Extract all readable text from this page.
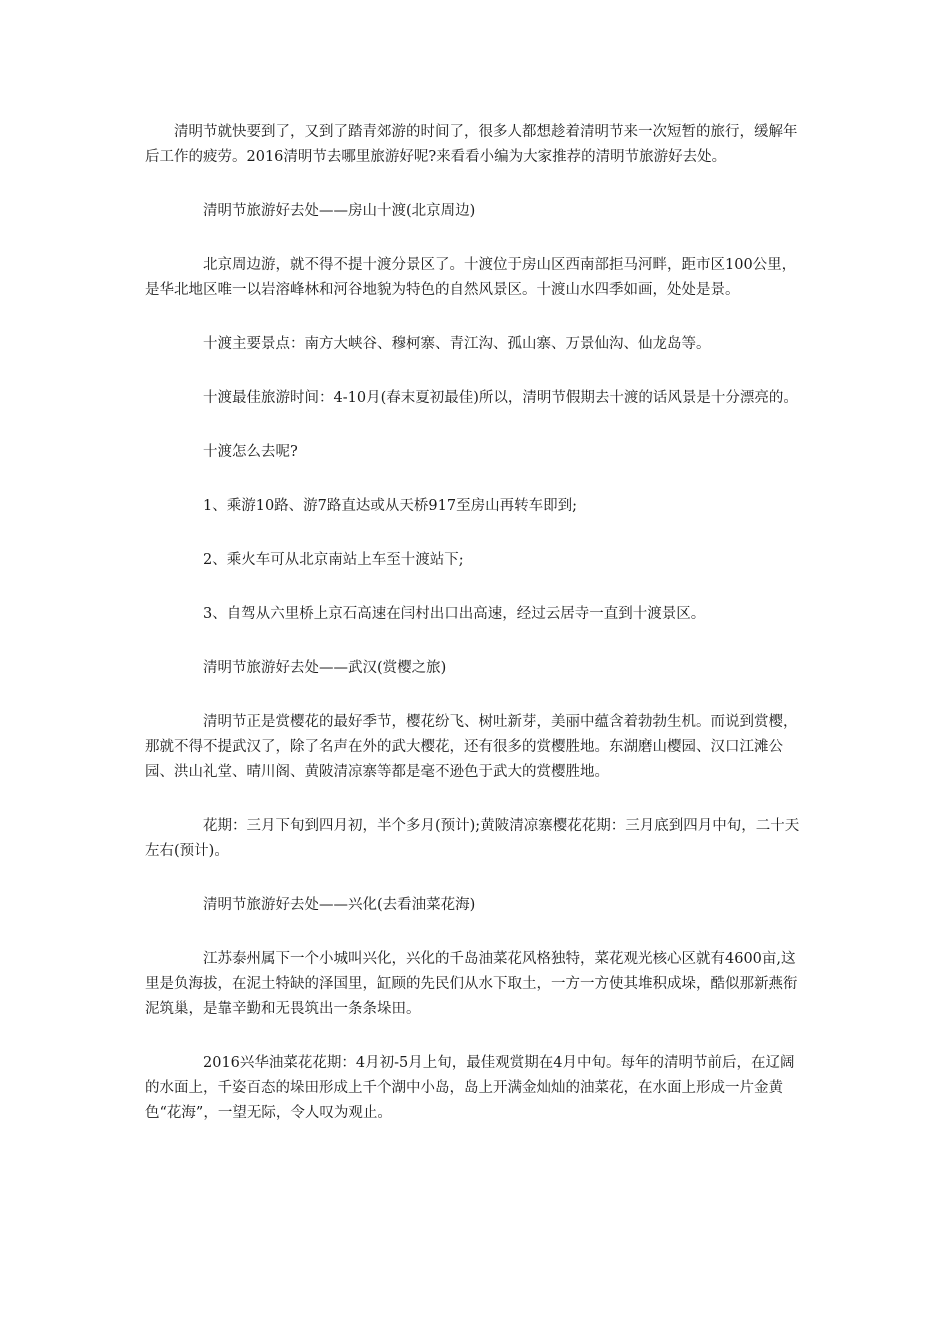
清明节就快要到了，又到了踏青郊游的时间了，很多人都想趁着清明节来一次短暂的旅行，缓解年后工作的疲劳。2016清明节去哪里旅游好呢?来看看小编为大家推荐的清明节旅游好去处。

清明节旅游好去处——房山十渡(北京周边)

北京周边游，就不得不提十渡分景区了。十渡位于房山区西南部拒马河畔，距市区100公里，是华北地区唯一以岩溶峰林和河谷地貌为特色的自然风景区。十渡山水四季如画，处处是景。

十渡主要景点：南方大峡谷、穆柯寨、青江沟、孤山寨、万景仙沟、仙龙岛等。

十渡最佳旅游时间：4-10月(春末夏初最佳)所以，清明节假期去十渡的话风景是十分漂亮的。

十渡怎么去呢?

1、乘游10路、游7路直达或从天桥917至房山再转车即到;

2、乘火车可从北京南站上车至十渡站下;

3、自驾从六里桥上京石高速在闫村出口出高速，经过云居寺一直到十渡景区。

清明节旅游好去处——武汉(赏樱之旅)

清明节正是赏樱花的最好季节，樱花纷飞、树吐新芽，美丽中蕴含着勃勃生机。而说到赏樱，那就不得不提武汉了，除了名声在外的武大樱花，还有很多的赏樱胜地。东湖磨山樱园、汉口江滩公园、洪山礼堂、晴川阁、黄陂清凉寨等都是毫不逊色于武大的赏樱胜地。

花期：三月下旬到四月初，半个多月(预计);黄陂清凉寨樱花花期：三月底到四月中旬，二十天左右(预计)。

清明节旅游好去处——兴化(去看油菜花海)

江苏泰州属下一个小城叫兴化，兴化的千岛油菜花风格独特，菜花观光核心区就有4600亩,这里是负海拔，在泥土特缺的泽国里，缸顾的先民们从水下取土，一方一方使其堆积成垛，酷似那新燕衔泥筑巢，是靠辛勤和无畏筑出一条条垛田。

2016兴华油菜花花期：4月初-5月上旬，最佳观赏期在4月中旬。每年的清明节前后，在辽阔的水面上，千姿百态的垛田形成上千个湖中小岛，岛上开满金灿灿的油菜花，在水面上形成一片金黄色“花海”，一望无际，令人叹为观止。
